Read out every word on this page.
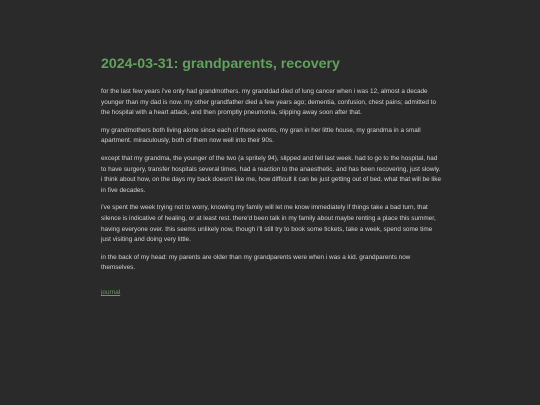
2024-03-31: grandparents, recovery

for the last few years i've only had grandmothers. my granddad died of lung cancer when i was 12, almost a decade younger than my dad is now. my other grandfather died a few years ago; dementia, confusion, chest pains; admitted to the hospital with a heart attack, and then promptly pneumonia, slipping away soon after that.

my grandmothers both living alone since each of these events, my gran in her little house, my grandma in a small apartment. miraculously, both of them now well into their 90s.

except that my grandma, the younger of the two (a spritely 94), slipped and fell last week. had to go to the hospital, had to have surgery, transfer hospitals several times. had a reaction to the anaesthetic. and has been recovering, just slowly. i think about how, on the days my back doesn't like me, how difficult it can be just getting out of bed. what that will be like in five decades.

i've spent the week trying not to worry, knowing my family will let me know immediately if things take a bad turn, that silence is indicative of healing, or at least rest. there'd been talk in my family about maybe renting a place this summer, having everyone over. this seems unlikely now, though i'll still try to book some tickets, take a week, spend some time just visiting and doing very little.

in the back of my head: my parents are older than my grandparents were when i was a kid. grandparents now themselves.

journal
